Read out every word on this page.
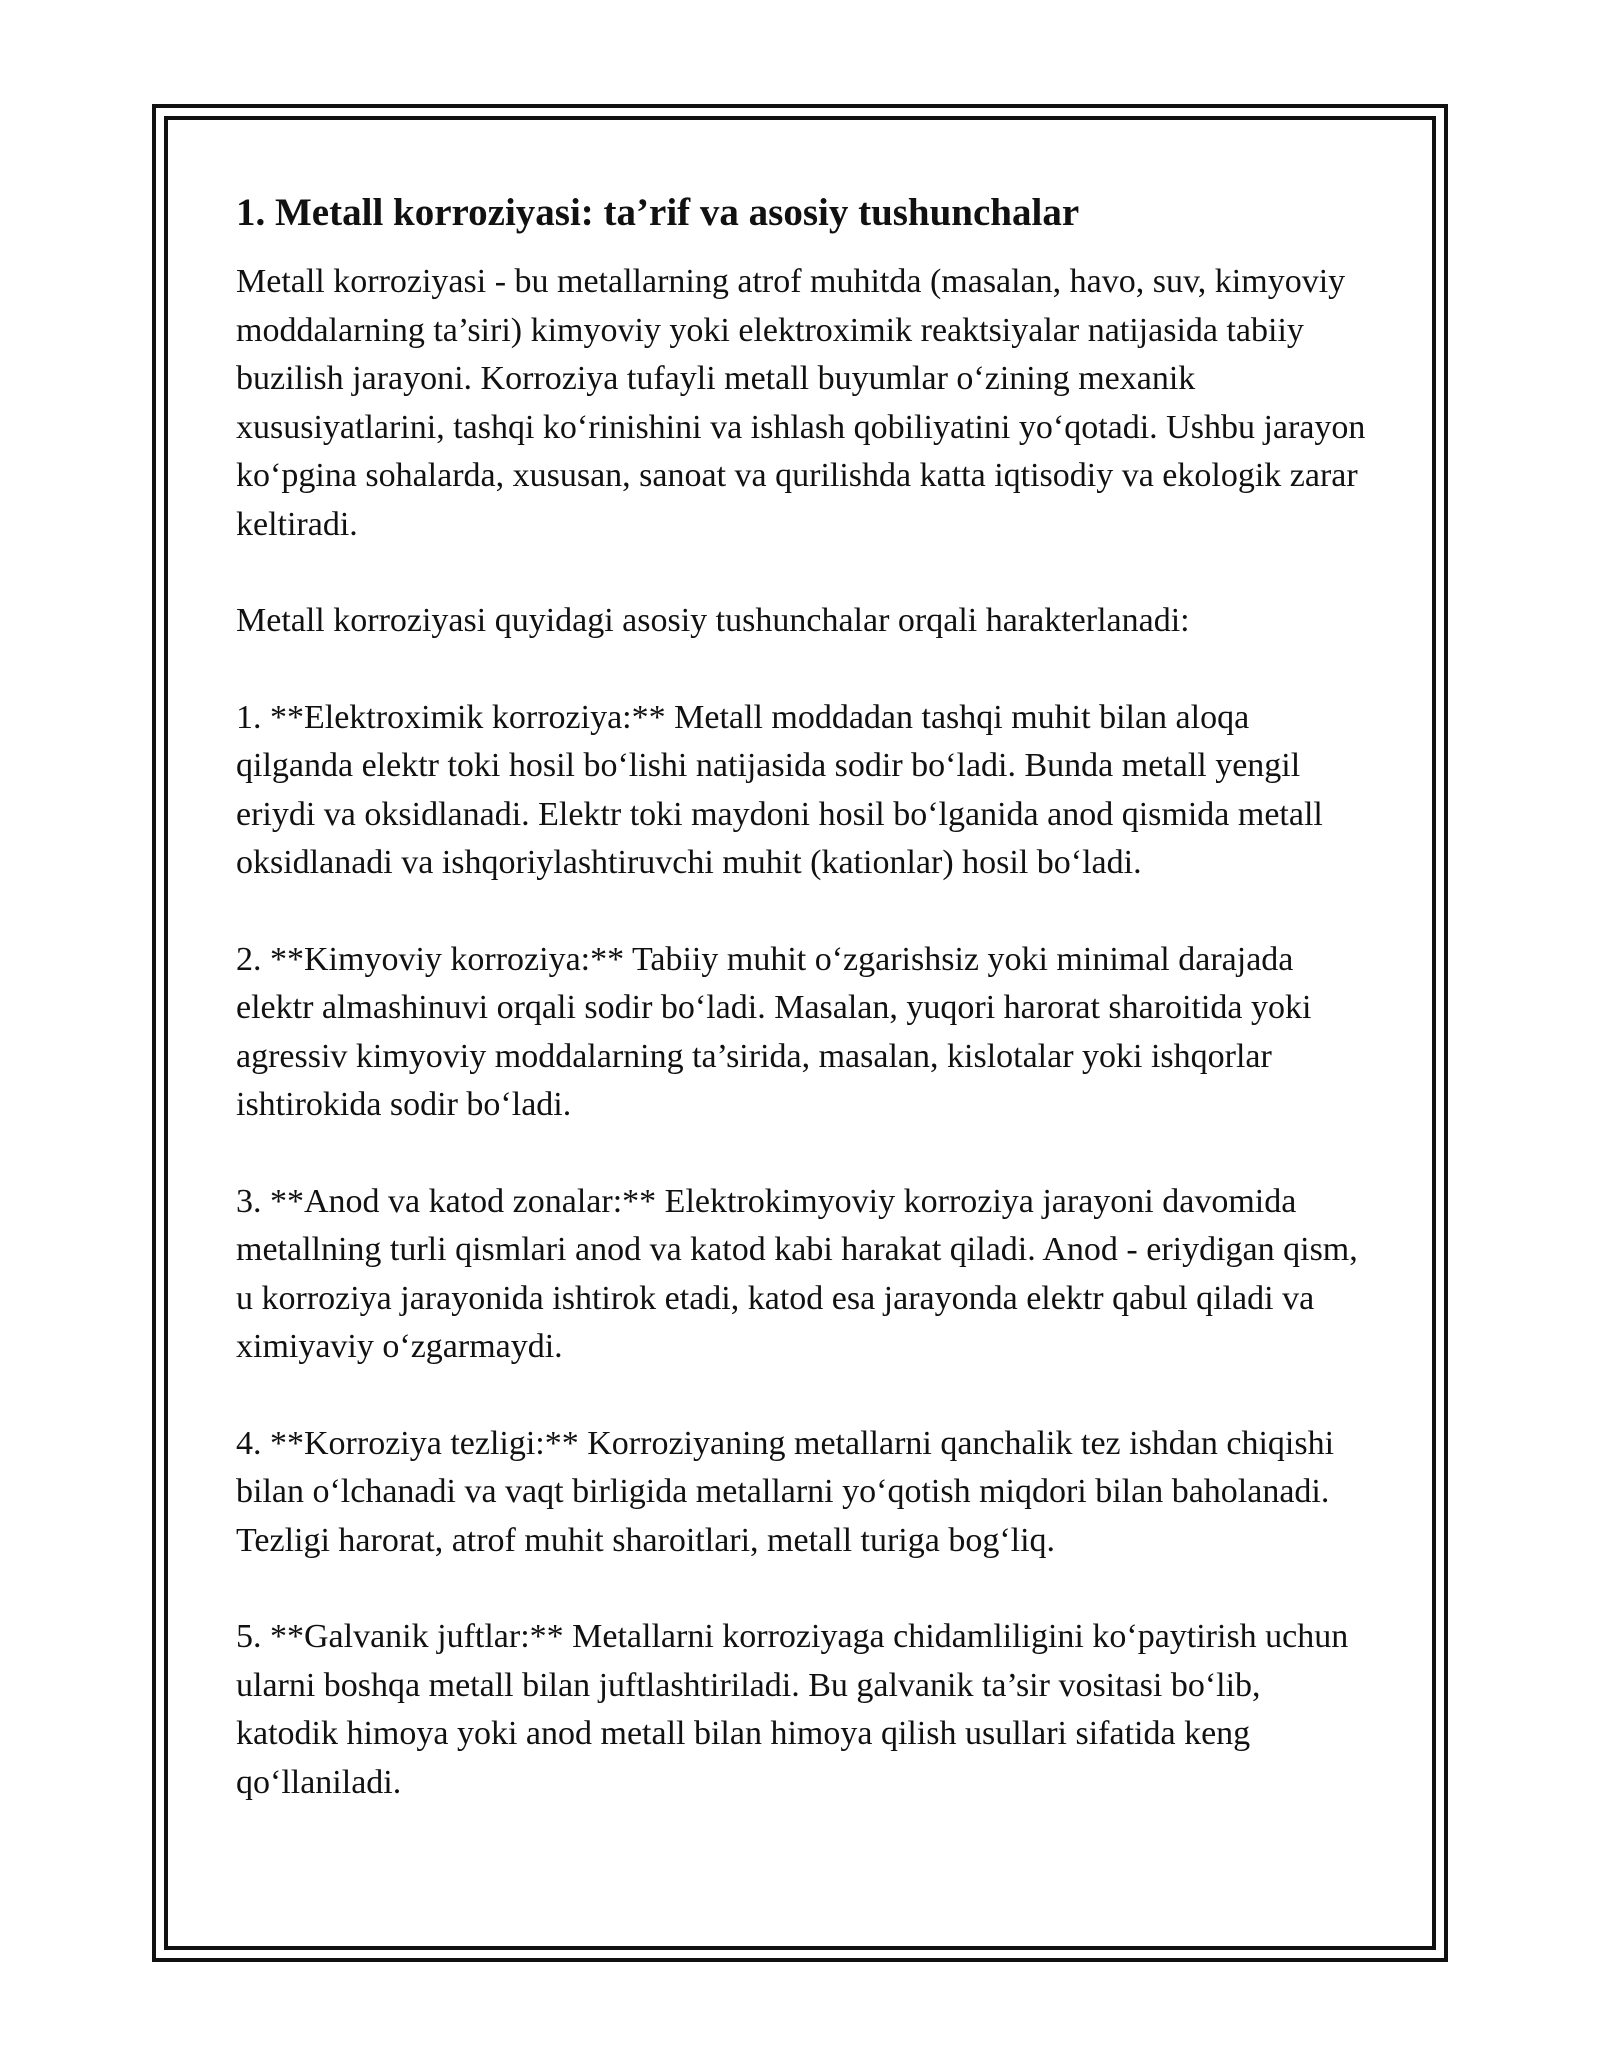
1. Metall korroziyasi: ta’rif va asosiy tushunchalar

Metall korroziyasi - bu metallarning atrof muhitda (masalan, havo, suv, kimyoviy moddalarning ta’siri) kimyoviy yoki elektroximik reaktsiyalar natijasida tabiiy buzilish jarayoni. Korroziya tufayli metall buyumlar o‘zining mexanik xususiyatlarini, tashqi ko‘rinishini va ishlash qobiliyatini yo‘qotadi. Ushbu jarayon ko‘pgina sohalarda, xususan, sanoat va qurilishda katta iqtisodiy va ekologik zarar keltiradi.

Metall korroziyasi quyidagi asosiy tushunchalar orqali harakterlanadi:

1. **Elektroximik korroziya:** Metall moddadan tashqi muhit bilan aloqa qilganda elektr toki hosil bo‘lishi natijasida sodir bo‘ladi. Bunda metall yengil eriydi va oksidlanadi. Elektr toki maydoni hosil bo‘lganida anod qismida metall oksidlanadi va ishqoriylashtiruvchi muhit (kationlar) hosil bo‘ladi.

2. **Kimyoviy korroziya:** Tabiiy muhit o‘zgarishsiz yoki minimal darajada elektr almashinuvi orqali sodir bo‘ladi. Masalan, yuqori harorat sharoitida yoki agressiv kimyoviy moddalarning ta’sirida, masalan, kislotalar yoki ishqorlar ishtirokida sodir bo‘ladi.

3. **Anod va katod zonalar:** Elektrokimyoviy korroziya jarayoni davomida metallning turli qismlari anod va katod kabi harakat qiladi. Anod - eriydigan qism, u korroziya jarayonida ishtirok etadi, katod esa jarayonda elektr qabul qiladi va ximiyaviy o‘zgarmaydi.

4. **Korroziya tezligi:** Korroziyaning metallarni qanchalik tez ishdan chiqishi bilan o‘lchanadi va vaqt birligida metallarni yo‘qotish miqdori bilan baholanadi. Tezligi harorat, atrof muhit sharoitlari, metall turiga bog‘liq.

5. **Galvanik juftlar:** Metallarni korroziyaga chidamliligini ko‘paytirish uchun ularni boshqa metall bilan juftlashtiriladi. Bu galvanik ta’sir vositasi bo‘lib, katodik himoya yoki anod metall bilan himoya qilish usullari sifatida keng qo‘llaniladi.
